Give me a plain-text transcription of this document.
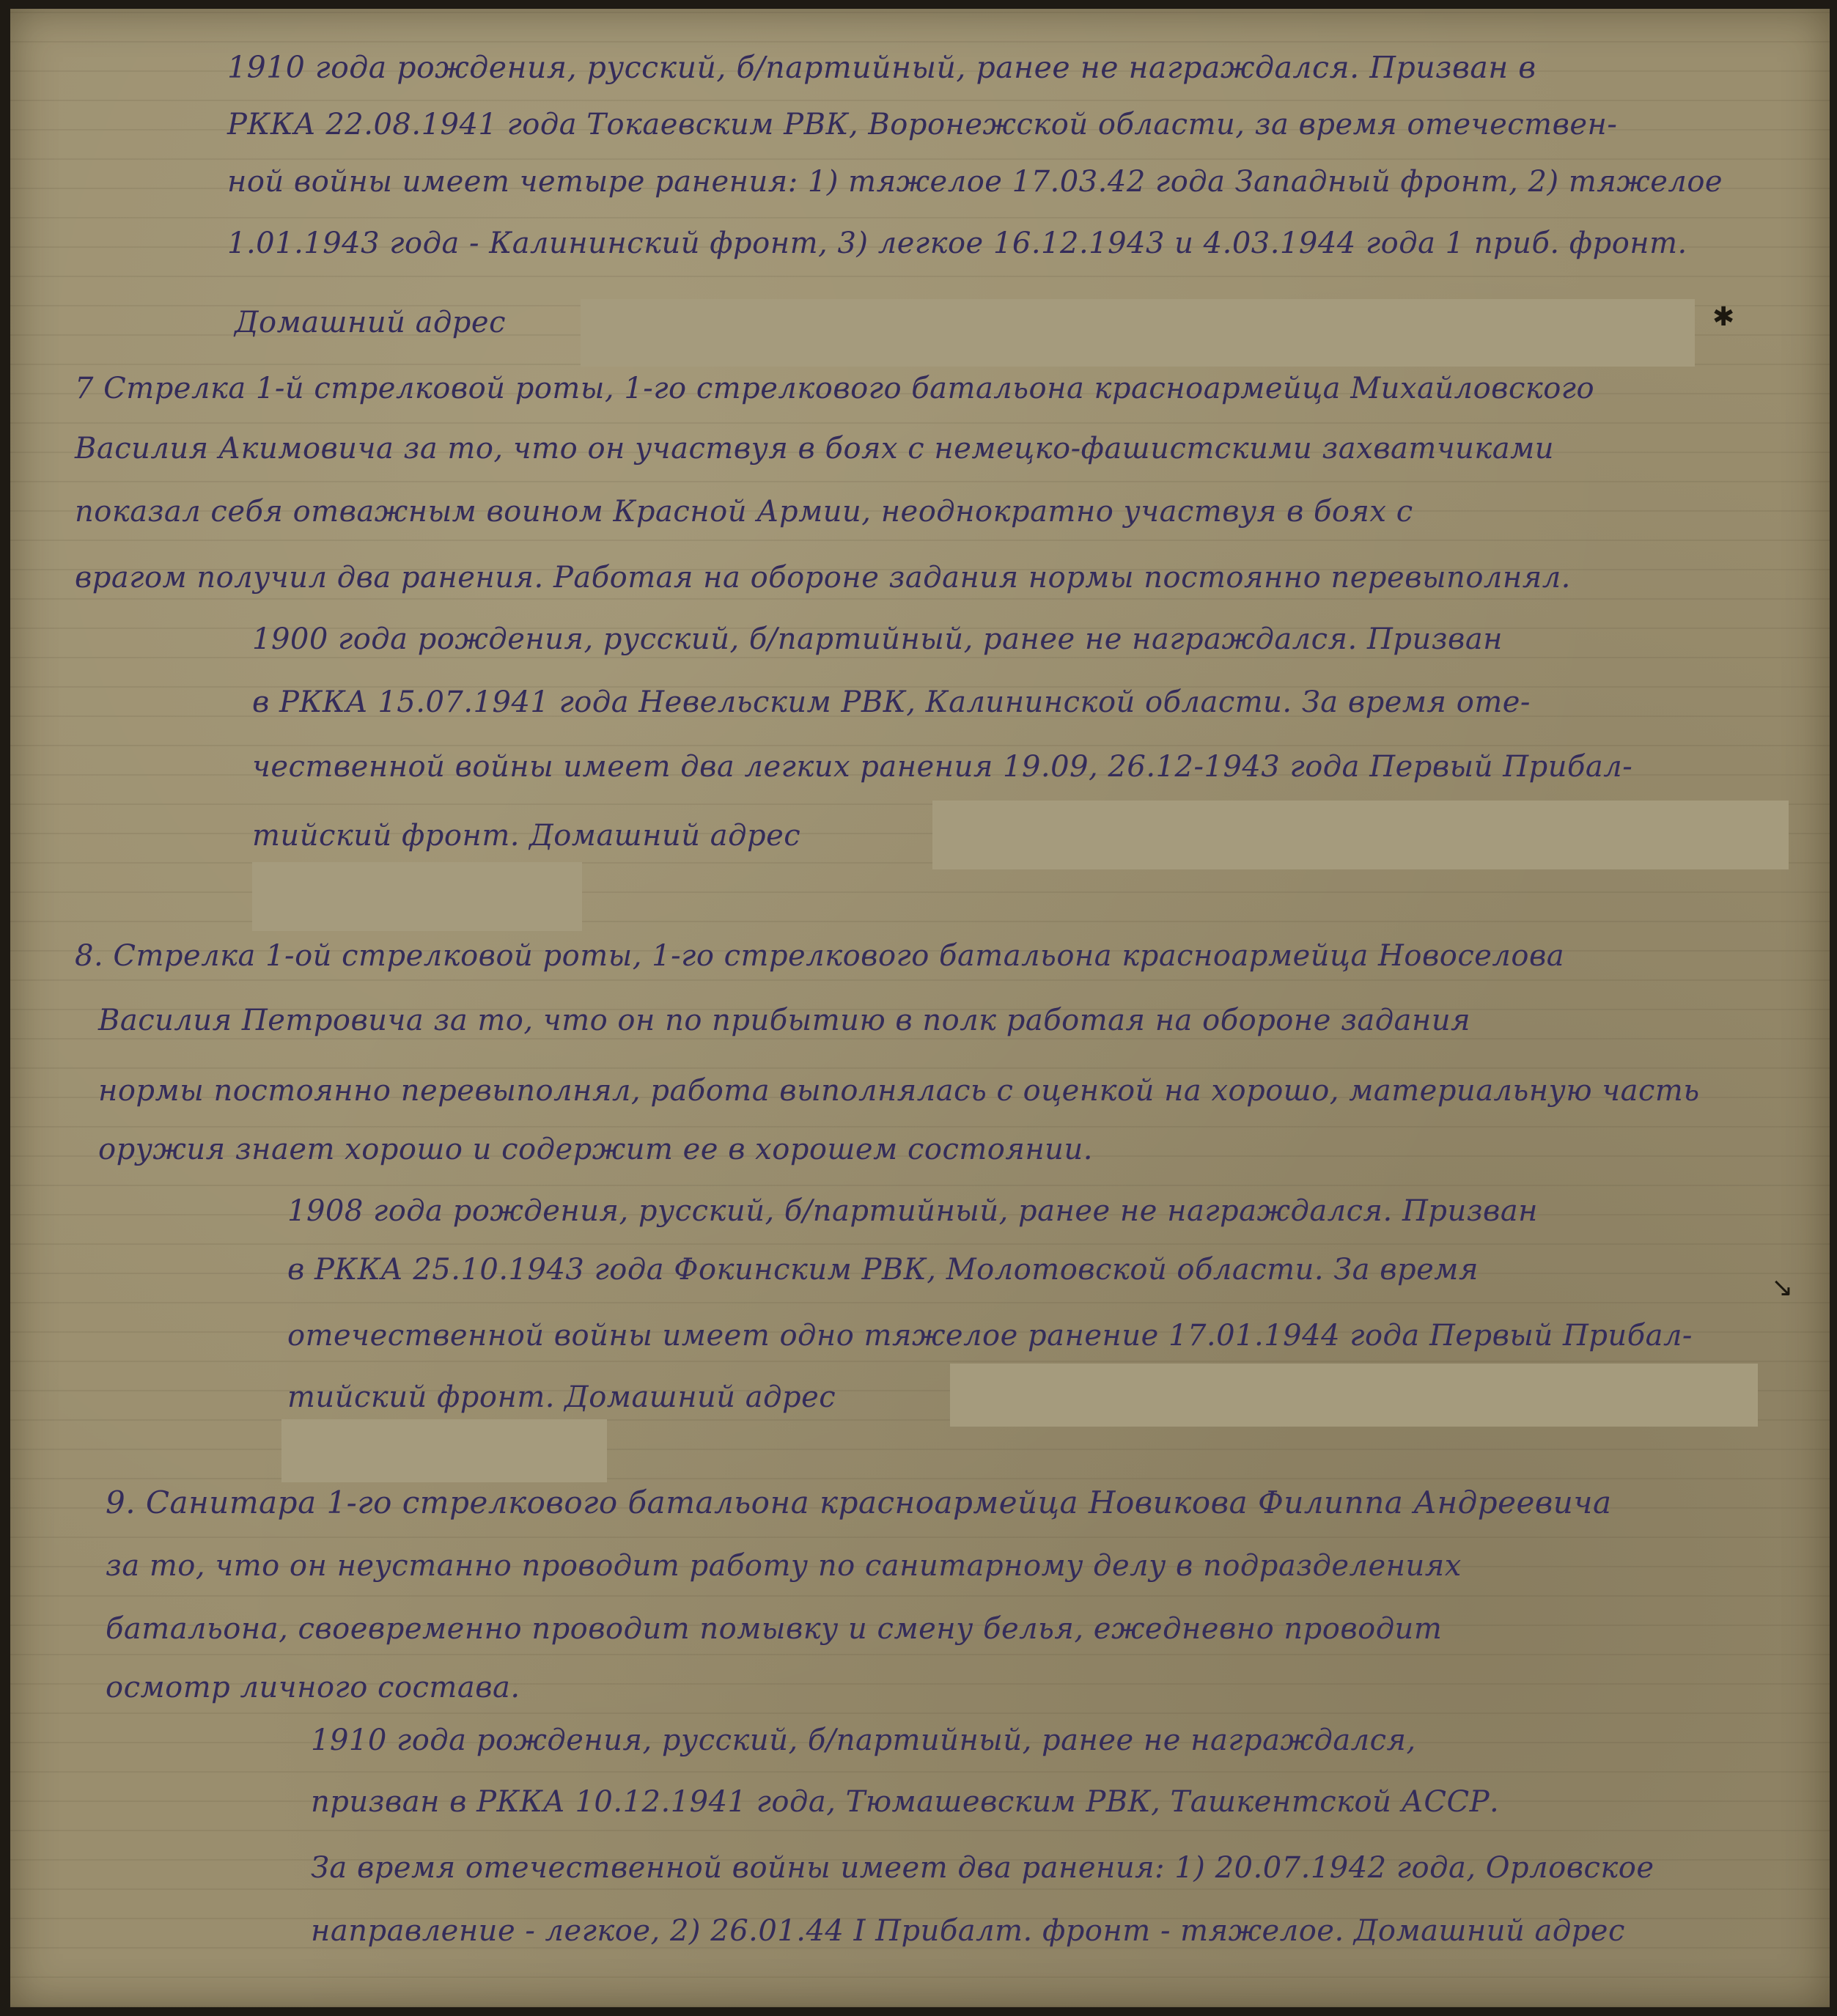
1910 года рождения, русский, б/партийный, ранее не награждался. Призван в
РККА 22.08.1941 года Токаевским РВК, Воронежской области, за время отечествен-
ной войны имеет четыре ранения: 1) тяжелое 17.03.42 года Западный фронт, 2) тяжелое
1.01.1943 года - Калининский фронт, 3) легкое 16.12.1943 и 4.03.1944 года 1 приб. фронт.
Домашний адрес
7 Стрелка 1-й стрелковой роты, 1-го стрелкового батальона красноармейца Михайловского
Василия Акимовича за то, что он участвуя в боях с немецко-фашистскими захватчиками
показал себя отважным воином Красной Армии, неоднократно участвуя в боях с
врагом получил два ранения. Работая на обороне задания нормы постоянно перевыполнял.
1900 года рождения, русский, б/партийный, ранее не награждался. Призван
в РККА 15.07.1941 года Невельским РВК, Калининской области. За время оте-
чественной войны имеет два легких ранения 19.09, 26.12-1943 года Первый Прибал-
тийский фронт. Домашний адрес
8. Стрелка 1-ой стрелковой роты, 1-го стрелкового батальона красноармейца Новоселова
Василия Петровича за то, что он по прибытию в полк работая на обороне задания
нормы постоянно перевыполнял, работа выполнялась с оценкой на хорошо, материальную часть
оружия знает хорошо и содержит ее в хорошем состоянии.
1908 года рождения, русский, б/партийный, ранее не награждался. Призван
в РККА 25.10.1943 года Фокинским РВК, Молотовской области. За время
отечественной войны имеет одно тяжелое ранение 17.01.1944 года Первый Прибал-
тийский фронт. Домашний адрес
↘
9. Санитара 1-го стрелкового батальона красноармейца Новикова Филиппа Андреевича
за то, что он неустанно проводит работу по санитарному делу в подразделениях
батальона, своевременно проводит помывку и смену белья, ежедневно проводит
осмотр личного состава.
1910 года рождения, русский, б/партийный, ранее не награждался,
призван в РККА 10.12.1941 года, Тюмашевским РВК, Ташкентской АССР.
За время отечественной войны имеет два ранения: 1) 20.07.1942 года, Орловское
направление - легкое, 2) 26.01.44 I Прибалт. фронт - тяжелое. Домашний адрес
✱
